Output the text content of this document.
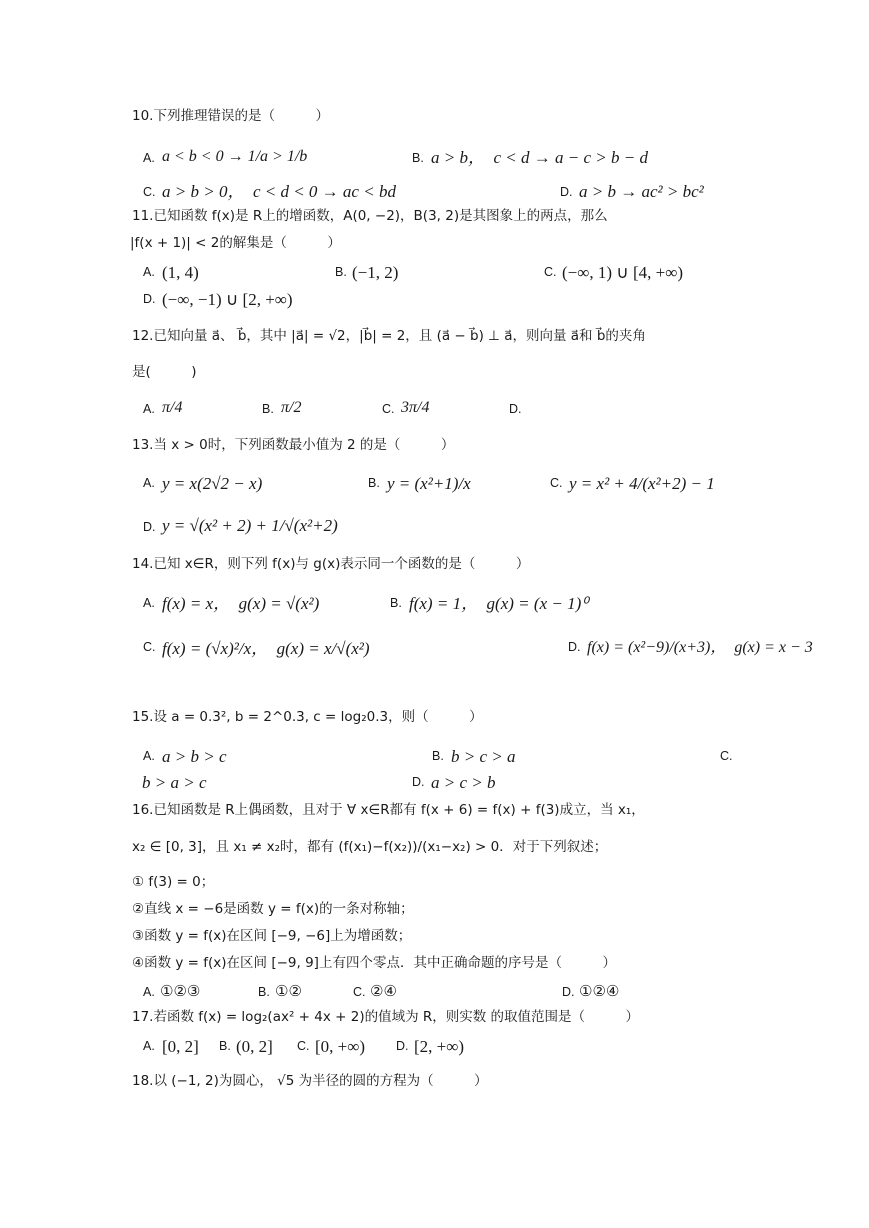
10.下列推理错误的是（　　　）
A. a < b < 0 → 1/a > 1/b	B. a > b，　c < d → a − c > b − d
C. a > b > 0，　c < d < 0 → ac < bd	D. a > b → ac² > bc²
11.已知函数 f(x)是 R上的增函数，A(0, −2)，B(3, 2)是其图象上的两点，那么
|f(x + 1)| < 2的解集是（　　　）
A. (1, 4)	B. (−1, 2)	C. (−∞, 1) ∪ [4, +∞)
D. (−∞, −1) ∪ [2, +∞)
12.已知向量 a⃗、 b⃗，其中 |a⃗| = √2，|b⃗| = 2，且 (a⃗ − b⃗) ⊥ a⃗，则向量 a⃗和 b⃗的夹角
是(　　　)
A. π/4	B. π/2	C. 3π/4	D.
13.当 x > 0时，下列函数最小值为 2 的是（　　　）
A. y = x(2√2 − x)	B. y = (x²+1)/x	C. y = x² + 4/(x²+2) − 1
D. y = √(x² + 2) + 1/√(x²+2)
14.已知 x∈R，则下列 f(x)与 g(x)表示同一个函数的是（　　　）
A. f(x) = x，　g(x) = √(x²)	B. f(x) = 1，　g(x) = (x − 1)⁰
C. f(x) = (√x)²/x，　g(x) = x/√(x²)	D. f(x) = (x²−9)/(x+3)，　g(x) = x − 3
15.设 a = 0.3², b = 2^0.3, c = log₂0.3，则（　　　）
A. a > b > c	B. b > c > a	C.
b > a > c	D. a > c > b
16.已知函数是 R上偶函数，且对于 ∀ x∈R都有 f(x + 6) = f(x) + f(3)成立，当 x₁，
x₂ ∈ [0, 3]，且 x₁ ≠ x₂时，都有 (f(x₁)−f(x₂))/(x₁−x₂) > 0．对于下列叙述；
① f(3) = 0；
②直线 x = −6是函数 y = f(x)的一条对称轴；
③函数 y = f(x)在区间 [−9, −6]上为增函数；
④函数 y = f(x)在区间 [−9, 9]上有四个零点．其中正确命题的序号是（　　　）
A. ①②③	B. ①②	C. ②④	D. ①②④
17.若函数 f(x) = log₂(ax² + 4x + 2)的值域为 R，则实数 的取值范围是（　　　）
A. [0, 2] B. (0, 2] C. [0, +∞) D. [2, +∞)
18.以 (−1, 2)为圆心， √5 为半径的圆的方程为（　　　）
